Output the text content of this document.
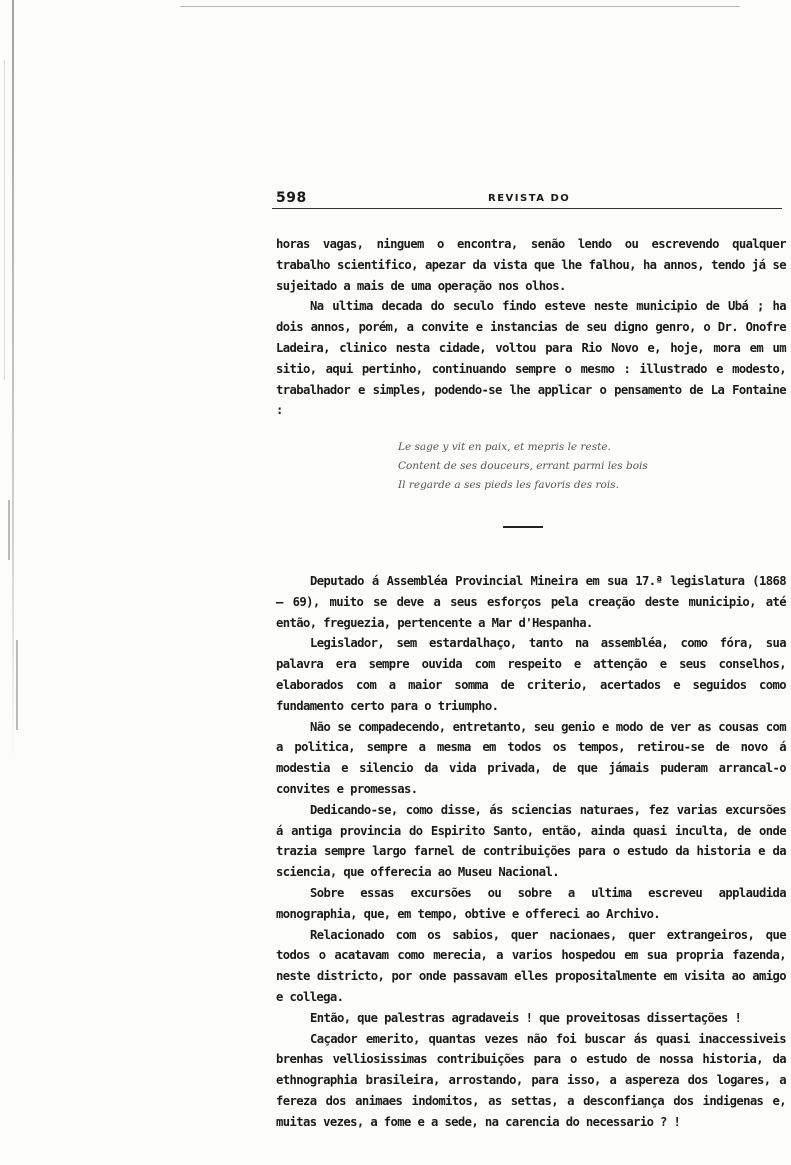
598	REVISTA DO

horas vagas, ninguem o encontra, senão lendo ou escrevendo qualquer trabalho scientifico, apezar da vista que lhe falhou, ha annos, tendo já se sujeitado a mais de uma operação nos olhos.

Na ultima decada do seculo findo esteve neste municipio de Ubá ; ha dois annos, porém, a convite e instancias de seu digno genro, o Dr. Onofre Ladeira, clinico nesta cidade, voltou para Rio Novo e, hoje, mora em um sitio, aqui pertinho, continuando sempre o mesmo : illustrado e modesto, trabalhador e simples, podendo-se lhe applicar o pensamento de La Fontaine :

Le sage y vit en paix, et mepris le reste.
Content de ses douceurs, errant parmi les bois
Il regarde a ses pieds les favoris des rois.

Deputado á Assembléa Provincial Mineira em sua 17.ª legislatura (1868 — 69), muito se deve a seus esforços pela creação deste municipio, até então, freguezia, pertencente a Mar d'Hespanha.

Legislador, sem estardalhaço, tanto na assembléa, como fóra, sua palavra era sempre ouvida com respeito e attenção e seus conselhos, elaborados com a maior somma de criterio, acertados e seguidos como fundamento certo para o triumpho.

Não se compadecendo, entretanto, seu genio e modo de ver as cousas com a politica, sempre a mesma em todos os tempos, retirou-se de novo á modestia e silencio da vida privada, de que jámais puderam arrancal-o convites e promessas.

Dedicando-se, como disse, ás sciencias naturaes, fez varias excursões á antiga provincia do Espirito Santo, então, ainda quasi inculta, de onde trazia sempre largo farnel de contribuições para o estudo da historia e da sciencia, que offerecia ao Museu Nacional.

Sobre essas excursões ou sobre a ultima escreveu applaudida monographia, que, em tempo, obtive e offereci ao Archivo.

Relacionado com os sabios, quer nacionaes, quer extrangeiros, que todos o acatavam como merecia, a varios hospedou em sua propria fazenda, neste districto, por onde passavam elles propositalmente em visita ao amigo e collega.

Então, que palestras agradaveis ! que proveitosas dissertações !

Caçador emerito, quantas vezes não foi buscar ás quasi inaccessiveis brenhas velliosissimas contribuições para o estudo de nossa historia, da ethnographia brasileira, arrostando, para isso, a aspereza dos logares, a fereza dos animaes indomitos, as settas, a desconfiança dos indigenas e, muitas vezes, a fome e a sede, na carencia do necessario ? !
